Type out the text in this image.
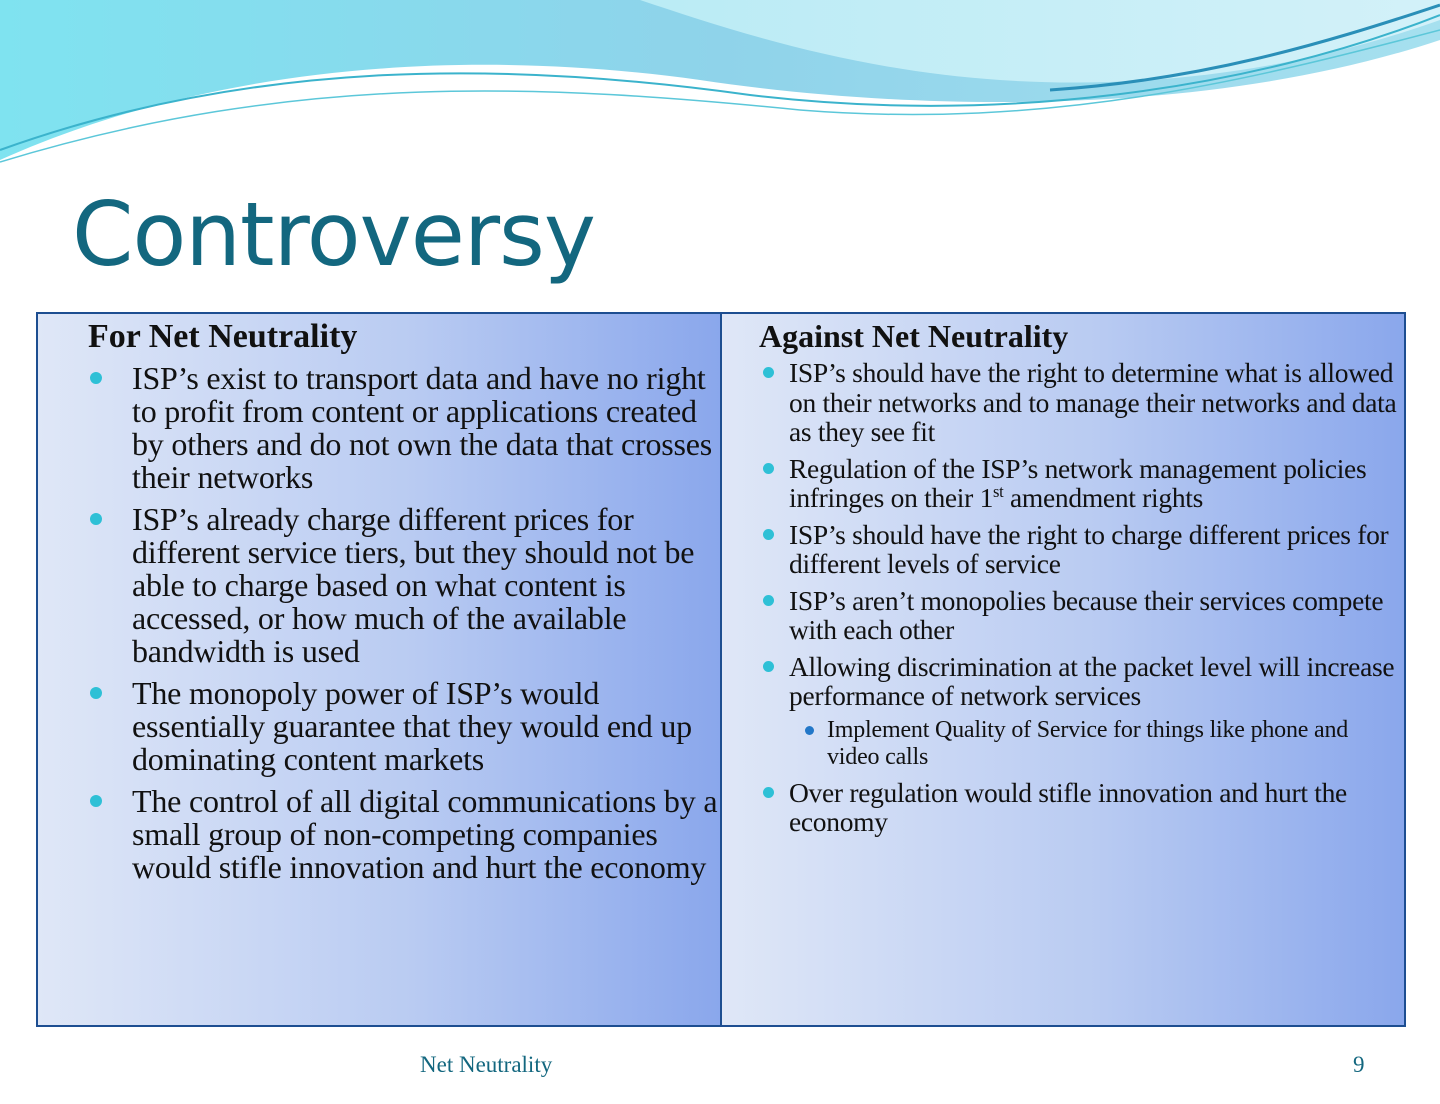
Controversy
For Net Neutrality
ISP’s exist to transport data and have no right to profit from content or applications created by others and do not own the data that crosses their networks
ISP’s already charge different prices for different service tiers, but they should not be able to charge based on what content is accessed, or how much of the available bandwidth is used
The monopoly power of ISP’s would essentially guarantee that they would end up dominating content markets
The control of all digital communications by a small group of non-competing companies would stifle innovation and hurt the economy
Against Net Neutrality
ISP’s should have the right to determine what is allowed on their networks and to manage their networks and data as they see fit
Regulation of the ISP’s network management policies infringes on their 1st amendment rights
ISP’s should have the right to charge different prices for different levels of service
ISP’s aren’t monopolies because their services compete with each other
Allowing discrimination at the packet level will increase performance of network services
Implement Quality of Service for things like phone and video calls
Over regulation would stifle innovation and hurt the economy
Net Neutrality	9
